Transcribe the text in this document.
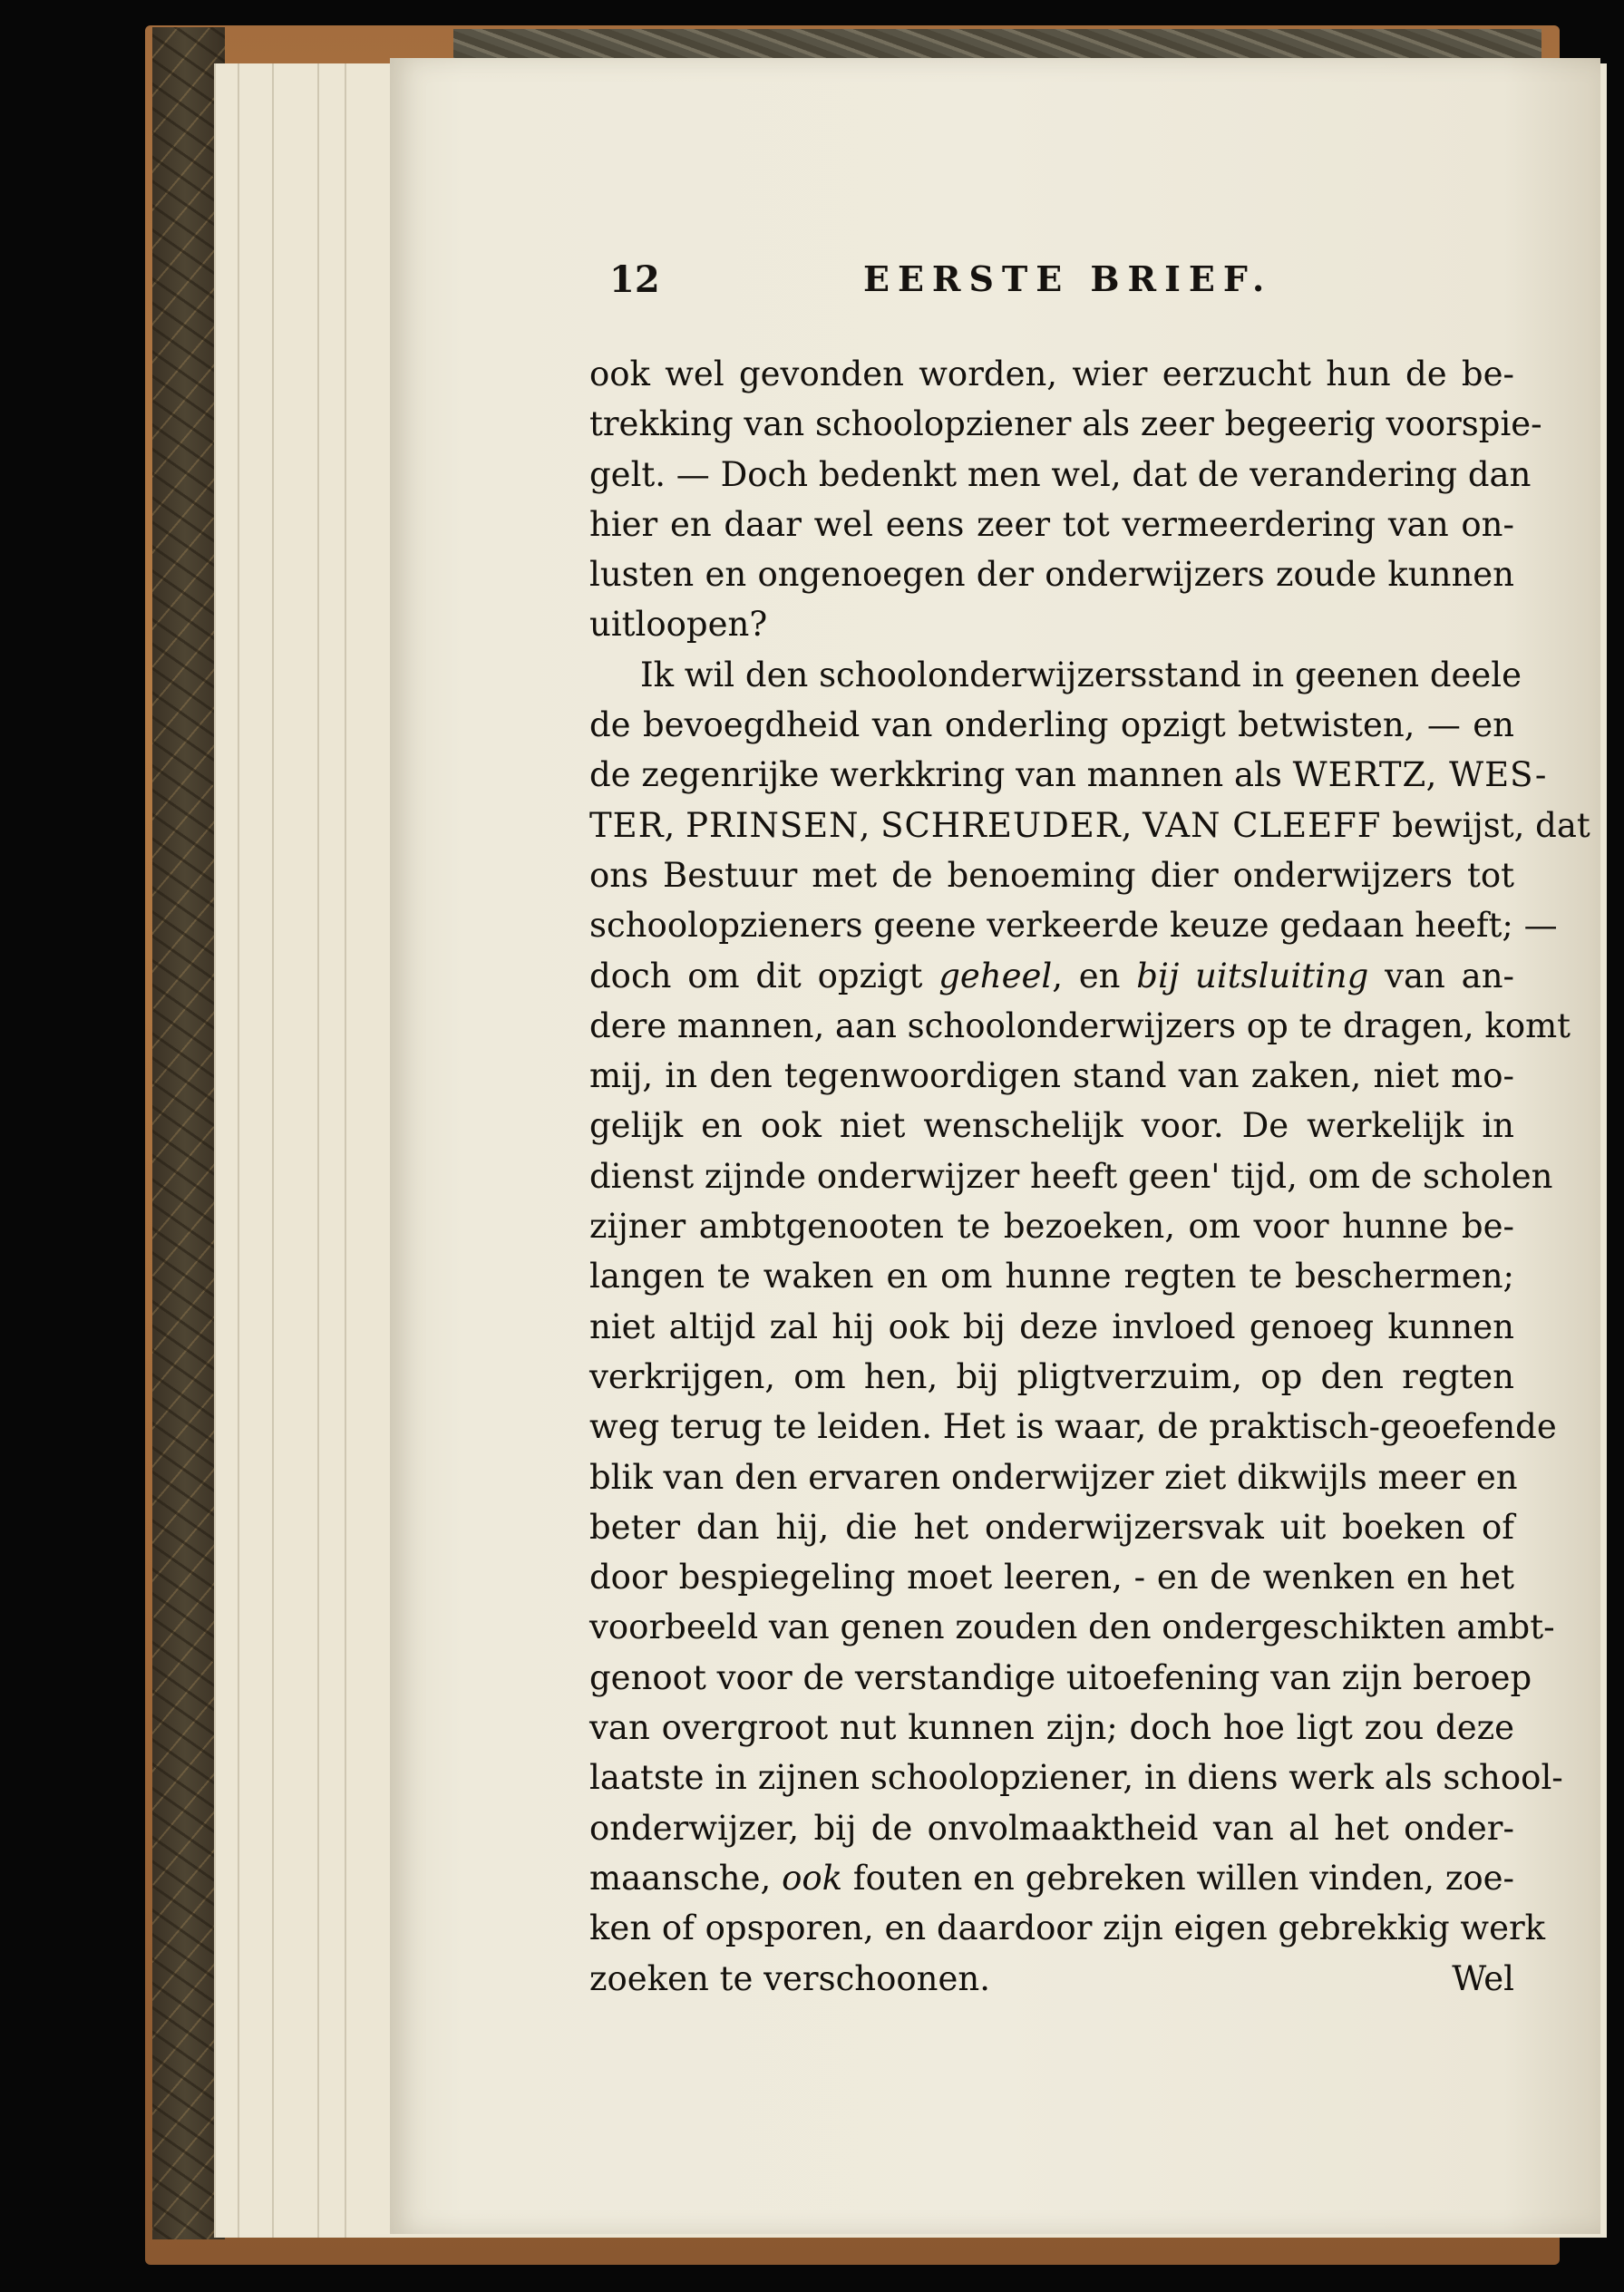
12	EERSTE BRIEF.
ook wel gevonden worden, wier eerzucht hun de be-
trekking van schoolopziener als zeer begeerig voorspie-
gelt. — Doch bedenkt men wel, dat de verandering dan
hier en daar wel eens zeer tot vermeerdering van on-
lusten en ongenoegen der onderwijzers zoude kunnen
uitloopen?
Ik wil den schoolonderwijzersstand in geenen deele
de bevoegdheid van onderling opzigt betwisten, — en
de zegenrijke werkkring van mannen als WERTZ, WES-
TER, PRINSEN, SCHREUDER, VAN CLEEFF bewijst, dat
ons Bestuur met de benoeming dier onderwijzers tot
schoolopzieners geene verkeerde keuze gedaan heeft; —
doch om dit opzigt geheel, en bij uitsluiting van an-
dere mannen, aan schoolonderwijzers op te dragen, komt
mij, in den tegenwoordigen stand van zaken, niet mo-
gelijk en ook niet wenschelijk voor. De werkelijk in
dienst zijnde onderwijzer heeft geen' tijd, om de scholen
zijner ambtgenooten te bezoeken, om voor hunne be-
langen te waken en om hunne regten te beschermen;
niet altijd zal hij ook bij deze invloed genoeg kunnen
verkrijgen, om hen, bij pligtverzuim, op den regten
weg terug te leiden. Het is waar, de praktisch-geoefende
blik van den ervaren onderwijzer ziet dikwijls meer en
beter dan hij, die het onderwijzersvak uit boeken of
door bespiegeling moet leeren, - en de wenken en het
voorbeeld van genen zouden den ondergeschikten ambt-
genoot voor de verstandige uitoefening van zijn beroep
van overgroot nut kunnen zijn; doch hoe ligt zou deze
laatste in zijnen schoolopziener, in diens werk als school-
onderwijzer, bij de onvolmaaktheid van al het onder-
maansche, ook fouten en gebreken willen vinden, zoe-
ken of opsporen, en daardoor zijn eigen gebrekkig werk
zoeken te verschoonen.	Wel
